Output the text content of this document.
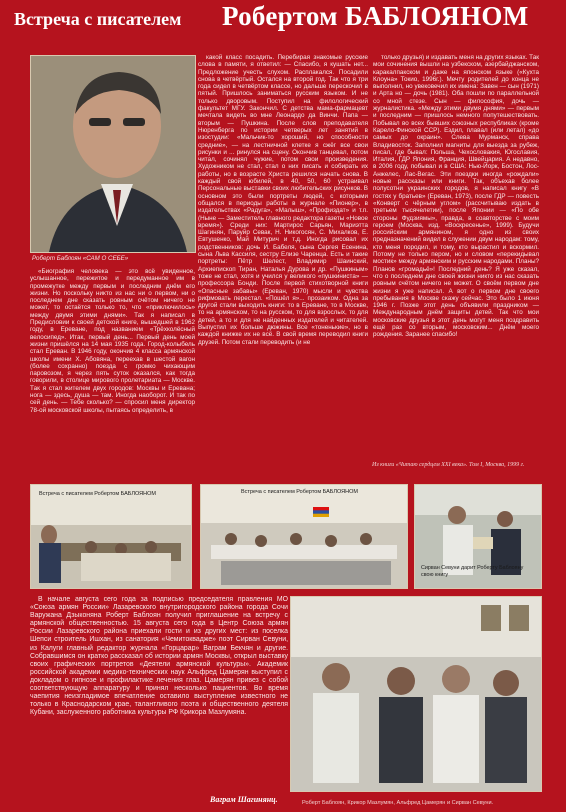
Встреча с писателем Робертом БАБЛОЯНОМ
Роберт Баблоян «САМ О СЕБЕ»

«Биография человека — это всё увиденное, услышанное, пережитое и передуманное им в промежутке между первым и последним днём его жизни. Но поскольку никто из нас ни о первом, ни о последнем дне сказать ровным счётом ничего не может, то остаётся только то, что «приключилось» между двумя этими днями». Так я написал в Предисловии к своей детской книге, вышедшей в 1962 году, в Ереване, под названием «Трёхколёсный велосипед». Итак, первый день... Первый день моей жизни пришёлся на 14 мая 1935 года. Город-колыбель стал Ереван. В 1946 году, окончив 4 класса армянской школы имени Х. Абовяна, переехав в шестой вагон (более сохранно) поезда с громко чихающим паровозом, я через пять суток оказался, как тогда говорили, в столице мирового пролетариата — Москве. Так я стал жителем двух городов: Москвы и Еревана; нога — здесь, душа — там. Иногда наоборот. И так по сей день. — Тебе сколько? — спросил меня директор 78-ой московской школы, пытаясь определить, в

какой класс посадить. Перебирая знакомые русские слова в памяти, я ответил: — Спасибо, я кушать нет... Предложение учесть слухом. Расплакался. Посадили снова в четвёртый. Остался на второй год. Так что я три года сидел в четвёртом классе, но дальше перескочил в пятый. Пришлось заниматься русским языком. И не только дворовым. Поступил на филологический факультет МГУ. Закончил. С детства мама-фармацевт мечтала видеть во мне Леонардо да Винчи. Папа — вторым — Пушкина. После слов преподавателя Нюренберга по истории четверых лет занятий в изостудии: «Мальчик-то хороший, но способности средние», — на лестничной клетке я сжёг все свои рисунки и ... ринулся на сцену. Окончив танцевал, потом читал, сочинял чужие, потом свои произведения. Художником не стал, стал о них писать и собирать их работы, но в возрасте Христа решился начать снова. В каждый свой юбилей, в 40, 50, 60 устраивал Персональные выставки своих любительских рисунков. В основном это были портреты людей, с которыми общался в периоды работы в журнале «Пионер», в издательствах «Радуга», «Малыш», «Профиздат» и т.п. (Ныне — Заместитель главного редактора газеты «Новое время»). Среди них: Мартирос Сарьян, Мариэтта Шагинян, Паруйр Севак, Н. Никогосян, С. Михалков, Е. Евтушенко, Май Митурич и т.д. Иногда рисовал их родственников: дочь И. Бабеля, сына Сергея Есенина, сына Льва Кассиля, сестру Елизе Чаренца. Есть и такие портреты: Пётр Шелест, Владимир Шаинский, Архиепископ Тиран, Наталья Дурова и др. «Пушкиным» тоже не стал, хотя и учился у великого «пушкиниста» — профессора Бонди. После первой стихотворной книги «Опасные забавы» (Ереван, 1970) мысли и чувства рифмовать перестал. «Пошёл я»... прозаиком. Одна за другой стали выходить книги: то в Ереване, то в Москве, то на армянском, то на русском, то для взрослых, то для детей, а то и для не найденных издателей и читателей. Выпустил их больше дюжины. Все «тоненькие», но в каждой книжке их не всё. В свой время переводил книги друзей. Потом стали переводить (и не

только друзья) и издавать меня на других языках. Так мои сочинения вышли на узбекском, азербайджанском, каракалпакском и даже на японском языке («Кухта Клоуна» Токио, 1996г.). Мечту родителей до конца не выполнил, но увековечил их имена: Завен — сын (1971) и Арта но — дочь (1981). Оба пошли по параллельной со мной стезе. Сын — философия, дочь — журналистика. «Между этими двумя днями» — первым и последним — пришлось немного попутешествовать. Побывал во всех бывших союзных республиках (кроме Карело-Финской ССР). Ездил, плавал (или летал) «до самых до окраин». Слева Мурманск, справа Владивосток. Заполнил магниты для выезда за рубеж, писал, где бывал: Польша, Чехословакия, Югославия, Италия, ГДР Япония, Франция, Швейцария. А недавно, в 2006 году, побывал и в США: Нью-Йорк, Бостон, Лос-Анжелес, Лас-Вегас. Эти поездки иногда «рождали» новые рассказы или книги. Так, объехав более полусотни украинских городов, я написал книгу «В гостях у братьев» (Ереван, 1973), после ГДР — повесть «Конверт с чёрным углом» (рассчитываю издать в третьем тысячелетии), после Японии — «По обе стороны Фудзиямы», правда, в соавторстве с моим героем (Москва, изд. «Воскресенье», 1999). Будучи российским армянином, я одно из своих предназначений видел в служении двум народам: тому, кто меня породил, и тому, кто вырастил и вскормил. Потому не только пером, но и словом «перекидывал мостик» между армянским и русским народами. Планы? Планов «громадьё»! Последний день? Я уже сказал, что о последнем дне своей жизни никто из нас сказать ровным счётом ничего не может. О своём первом дне жизни я уже написал. А вот о первом дне своего пребывания в Москве скажу сейчас. Это было 1 июня 1946 г. Позже этот день объявили праздником — Международным днём защиты детей. Так что мои московские друзья в этот день могут меня поздравить ещё раз со вторым, московским... Днём моего рождения. Заранее спасибо!

Из книги «Читаю сердцем XXI века». Том I, Москва, 1999 г.
Встреча с писателем Робертом БАБЛОЯНОМ	Встреча с писателем Робертом БАБЛОЯНОМ
Сирван Севуни дарит Роберту Баблояну свою книгу

В начале августа сего года за подписью председателя правления МО «Союза армян России» Лазаревского внутригородского района города Сочи Варужана Дзыконяна Роберт Баблоян получил приглашение на встречу с армянской общественностью. 15 августа сего года в Центр Союза армян России Лазаревского района приехали гости и из других мест: из поселка Шепси строитель Ишхан, из санатория «Чемитоквадже» поэт Сирван Севуни, из Калуги главный редактор журнала «Горцарар» Ваграм Бекчян и другие. Собравшимся он кратко рассказал об истории армян Москвы, открыл выставку своих графических портретов «Деятели армянской культуры». Академик российской академии медико-технических наук Альфред Цамерян выступил с докладом о гипнозе и профилактике лечения глаз. Цамерян привез с собой соответствующую аппаратуру и принял несколько пациентов. Во время чаепития неизгладимое впечатление оставило выступление известного не только в Краснодарском крае, талантливого поэта и общественного деятеля Кубани, заслуженного работника культуры РФ Крикора Мазлумяна.

Ваграм Шагинянц.	Роберт Баблоян, Крикор Мазлумян, Альфред Цамерян и Сирван Севуни.
